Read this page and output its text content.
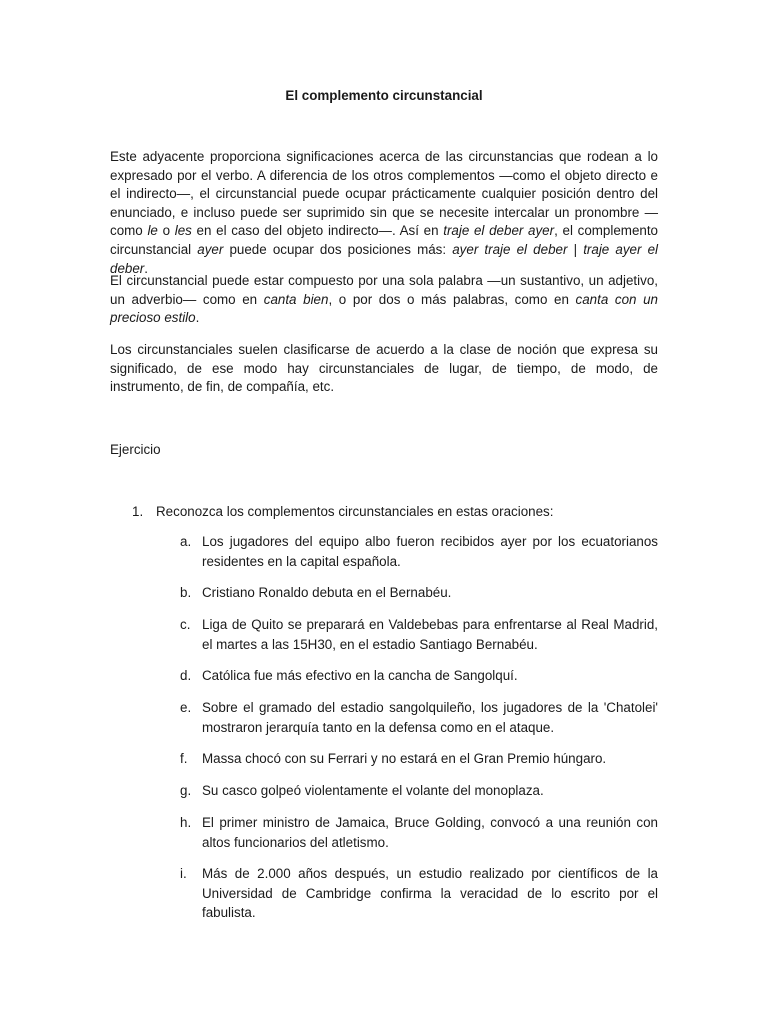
El complemento circunstancial

Este adyacente proporciona significaciones acerca de las circunstancias que rodean a lo expresado por el verbo. A diferencia de los otros complementos —como el objeto directo e el indirecto—, el circunstancial puede ocupar prácticamente cualquier posición dentro del enunciado, e incluso puede ser suprimido sin que se necesite intercalar un pronombre —como le o les en el caso del objeto indirecto—. Así en traje el deber ayer, el complemento circunstancial ayer puede ocupar dos posiciones más: ayer traje el deber | traje ayer el deber.

El circunstancial puede estar compuesto por una sola palabra —un sustantivo, un adjetivo, un adverbio— como en canta bien, o por dos o más palabras, como en canta con un precioso estilo.

Los circunstanciales suelen clasificarse de acuerdo a la clase de noción que expresa su significado, de ese modo hay circunstanciales de lugar, de tiempo, de modo, de instrumento, de fin, de compañía, etc.

Ejercicio
1. Reconozca los complementos circunstanciales en estas oraciones:
a. Los jugadores del equipo albo fueron recibidos ayer por los ecuatorianos residentes en la capital española.
b. Cristiano Ronaldo debuta en el Bernabéu.
c. Liga de Quito se preparará en Valdebebas para enfrentarse al Real Madrid, el martes a las 15H30, en el estadio Santiago Bernabéu.
d. Católica fue más efectivo en la cancha de Sangolquí.
e. Sobre el gramado del estadio sangolquileño, los jugadores de la 'Chatolei' mostraron jerarquía tanto en la defensa como en el ataque.
f.	Massa chocó con su Ferrari y no estará en el Gran Premio húngaro.
g. Su casco golpeó violentamente el volante del monoplaza.
h. El primer ministro de Jamaica, Bruce Golding, convocó a una reunión con altos funcionarios del atletismo.
i.	Más de 2.000 años después, un estudio realizado por científicos de la Universidad de Cambridge confirma la veracidad de lo escrito por el fabulista.
